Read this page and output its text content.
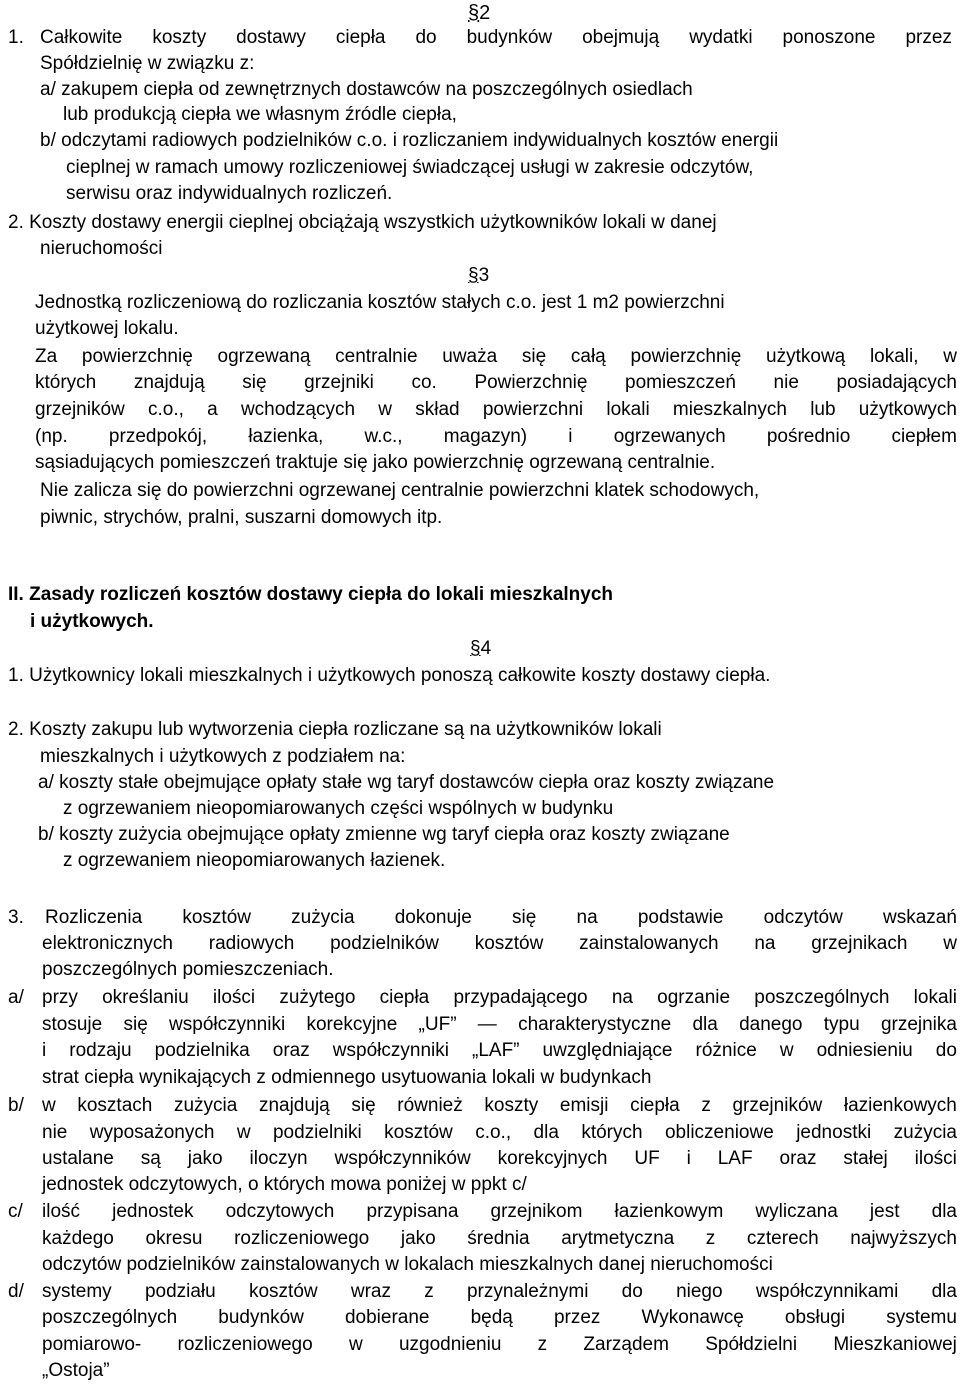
§2
1. Całkowite koszty dostawy ciepła do budynków obejmują wydatki ponoszone przez
Spółdzielnię w związku z:
a/ zakupem ciepła od zewnętrznych dostawców na poszczególnych osiedlach
lub produkcją ciepła we własnym źródle ciepła,
b/ odczytami radiowych podzielników c.o. i rozliczaniem indywidualnych kosztów energii
cieplnej w ramach umowy rozliczeniowej świadczącej usługi w zakresie odczytów,
serwisu oraz indywidualnych rozliczeń.
2. Koszty dostawy energii cieplnej obciążają wszystkich użytkowników lokali w danej
nieruchomości
§3
Jednostką rozliczeniową do rozliczania kosztów stałych c.o. jest 1 m2 powierzchni
użytkowej lokalu.
Za powierzchnię ogrzewaną centralnie uważa się całą powierzchnię użytkową lokali, w
których znajdują się grzejniki co. Powierzchnię pomieszczeń nie posiadających
grzejników c.o., a wchodzących w skład powierzchni lokali mieszkalnych lub użytkowych
(np. przedpokój, łazienka, w.c., magazyn) i ogrzewanych pośrednio ciepłem
sąsiadujących pomieszczeń traktuje się jako powierzchnię ogrzewaną centralnie.
Nie zalicza się do powierzchni ogrzewanej centralnie powierzchni klatek schodowych,
piwnic, strychów, pralni, suszarni domowych itp.
II. Zasady rozliczeń kosztów dostawy ciepła do lokali mieszkalnych
i użytkowych.
§4
1. Użytkownicy lokali mieszkalnych i użytkowych ponoszą całkowite koszty dostawy ciepła.
2. Koszty zakupu lub wytworzenia ciepła rozliczane są na użytkowników lokali
mieszkalnych i użytkowych z podziałem na:
a/ koszty stałe obejmujące opłaty stałe wg taryf dostawców ciepła oraz koszty związane
z ogrzewaniem nieopomiarowanych części wspólnych w budynku
b/ koszty zużycia obejmujące opłaty zmienne wg taryf ciepła oraz koszty związane
z ogrzewaniem nieopomiarowanych łazienek.
3. Rozliczenia kosztów zużycia dokonuje się na podstawie odczytów wskazań
elektronicznych radiowych podzielników kosztów zainstalowanych na grzejnikach w
poszczególnych pomieszczeniach.
a/ przy określaniu ilości zużytego ciepła przypadającego na ogrzanie poszczególnych lokali
stosuje się współczynniki korekcyjne „UF” — charakterystyczne dla danego typu grzejnika
i rodzaju podzielnika oraz współczynniki „LAF” uwzględniające różnice w odniesieniu do
strat ciepła wynikających z odmiennego usytuowania lokali w budynkach
b/ w kosztach zużycia znajdują się również koszty emisji ciepła z grzejników łazienkowych
nie wyposażonych w podzielniki kosztów c.o., dla których obliczeniowe jednostki zużycia
ustalane są jako iloczyn współczynników korekcyjnych UF i LAF oraz stałej ilości
jednostek odczytowych, o których mowa poniżej w ppkt c/
c/ ilość jednostek odczytowych przypisana grzejnikom łazienkowym wyliczana jest dla
każdego okresu rozliczeniowego jako średnia arytmetyczna z czterech najwyższych
odczytów podzielników zainstalowanych w lokalach mieszkalnych danej nieruchomości
d/ systemy podziału kosztów wraz z przynależnymi do niego współczynnikami dla
poszczególnych budynków dobierane będą przez Wykonawcę obsługi systemu
pomiarowo- rozliczeniowego w uzgodnieniu z Zarządem Spółdzielni Mieszkaniowej
„Ostoja”
